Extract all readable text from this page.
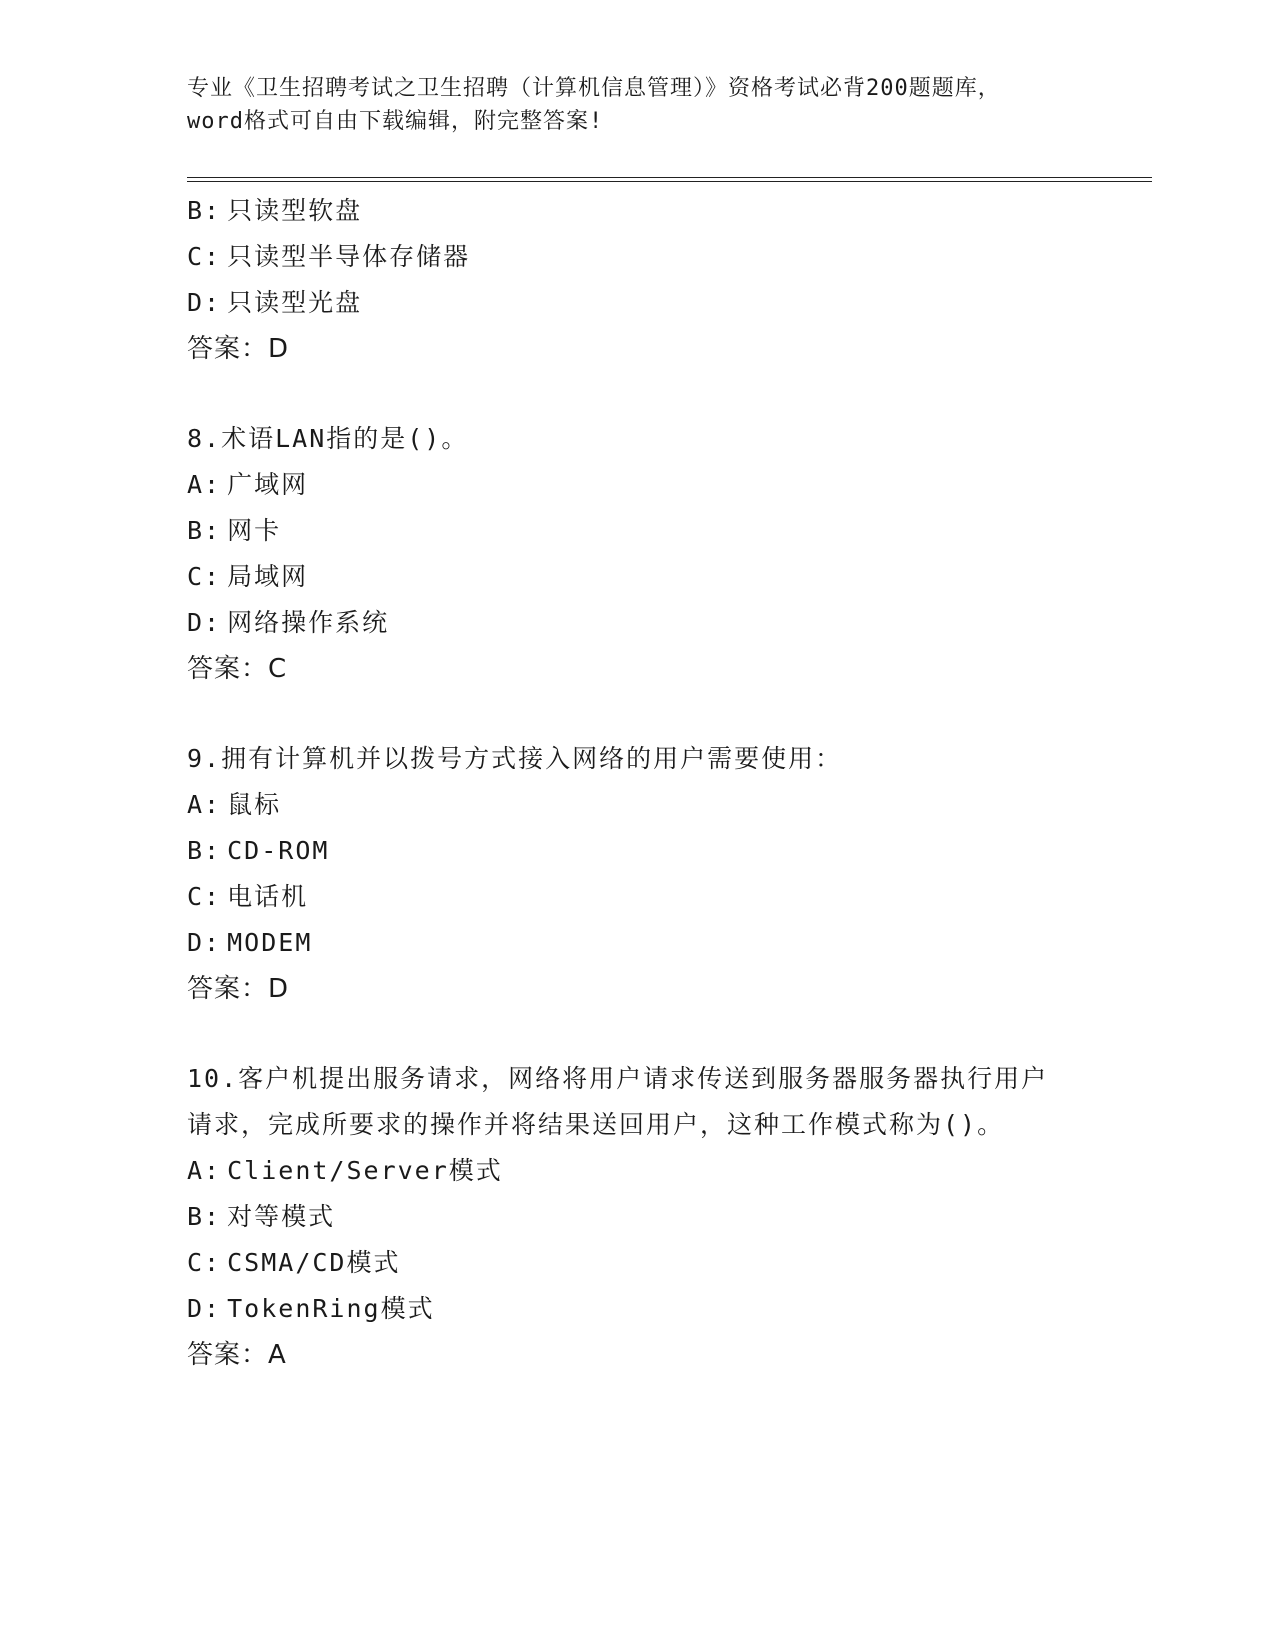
专业《卫生招聘考试之卫生招聘（计算机信息管理）》资格考试必背200题题库，
word格式可自由下载编辑，附完整答案!
B: 只读型软盘
C: 只读型半导体存储器
D: 只读型光盘
答案：D
8.术语LAN指的是()。
A: 广域网
B: 网卡
C: 局域网
D: 网络操作系统
答案：C
9.拥有计算机并以拨号方式接入网络的用户需要使用：
A: 鼠标
B: CD-ROM
C: 电话机
D: MODEM
答案：D
10.客户机提出服务请求，网络将用户请求传送到服务器服务器执行用户请求，完成所要求的操作并将结果送回用户，这种工作模式称为()。
A: Client/Server模式
B: 对等模式
C: CSMA/CD模式
D: TokenRing模式
答案：A
